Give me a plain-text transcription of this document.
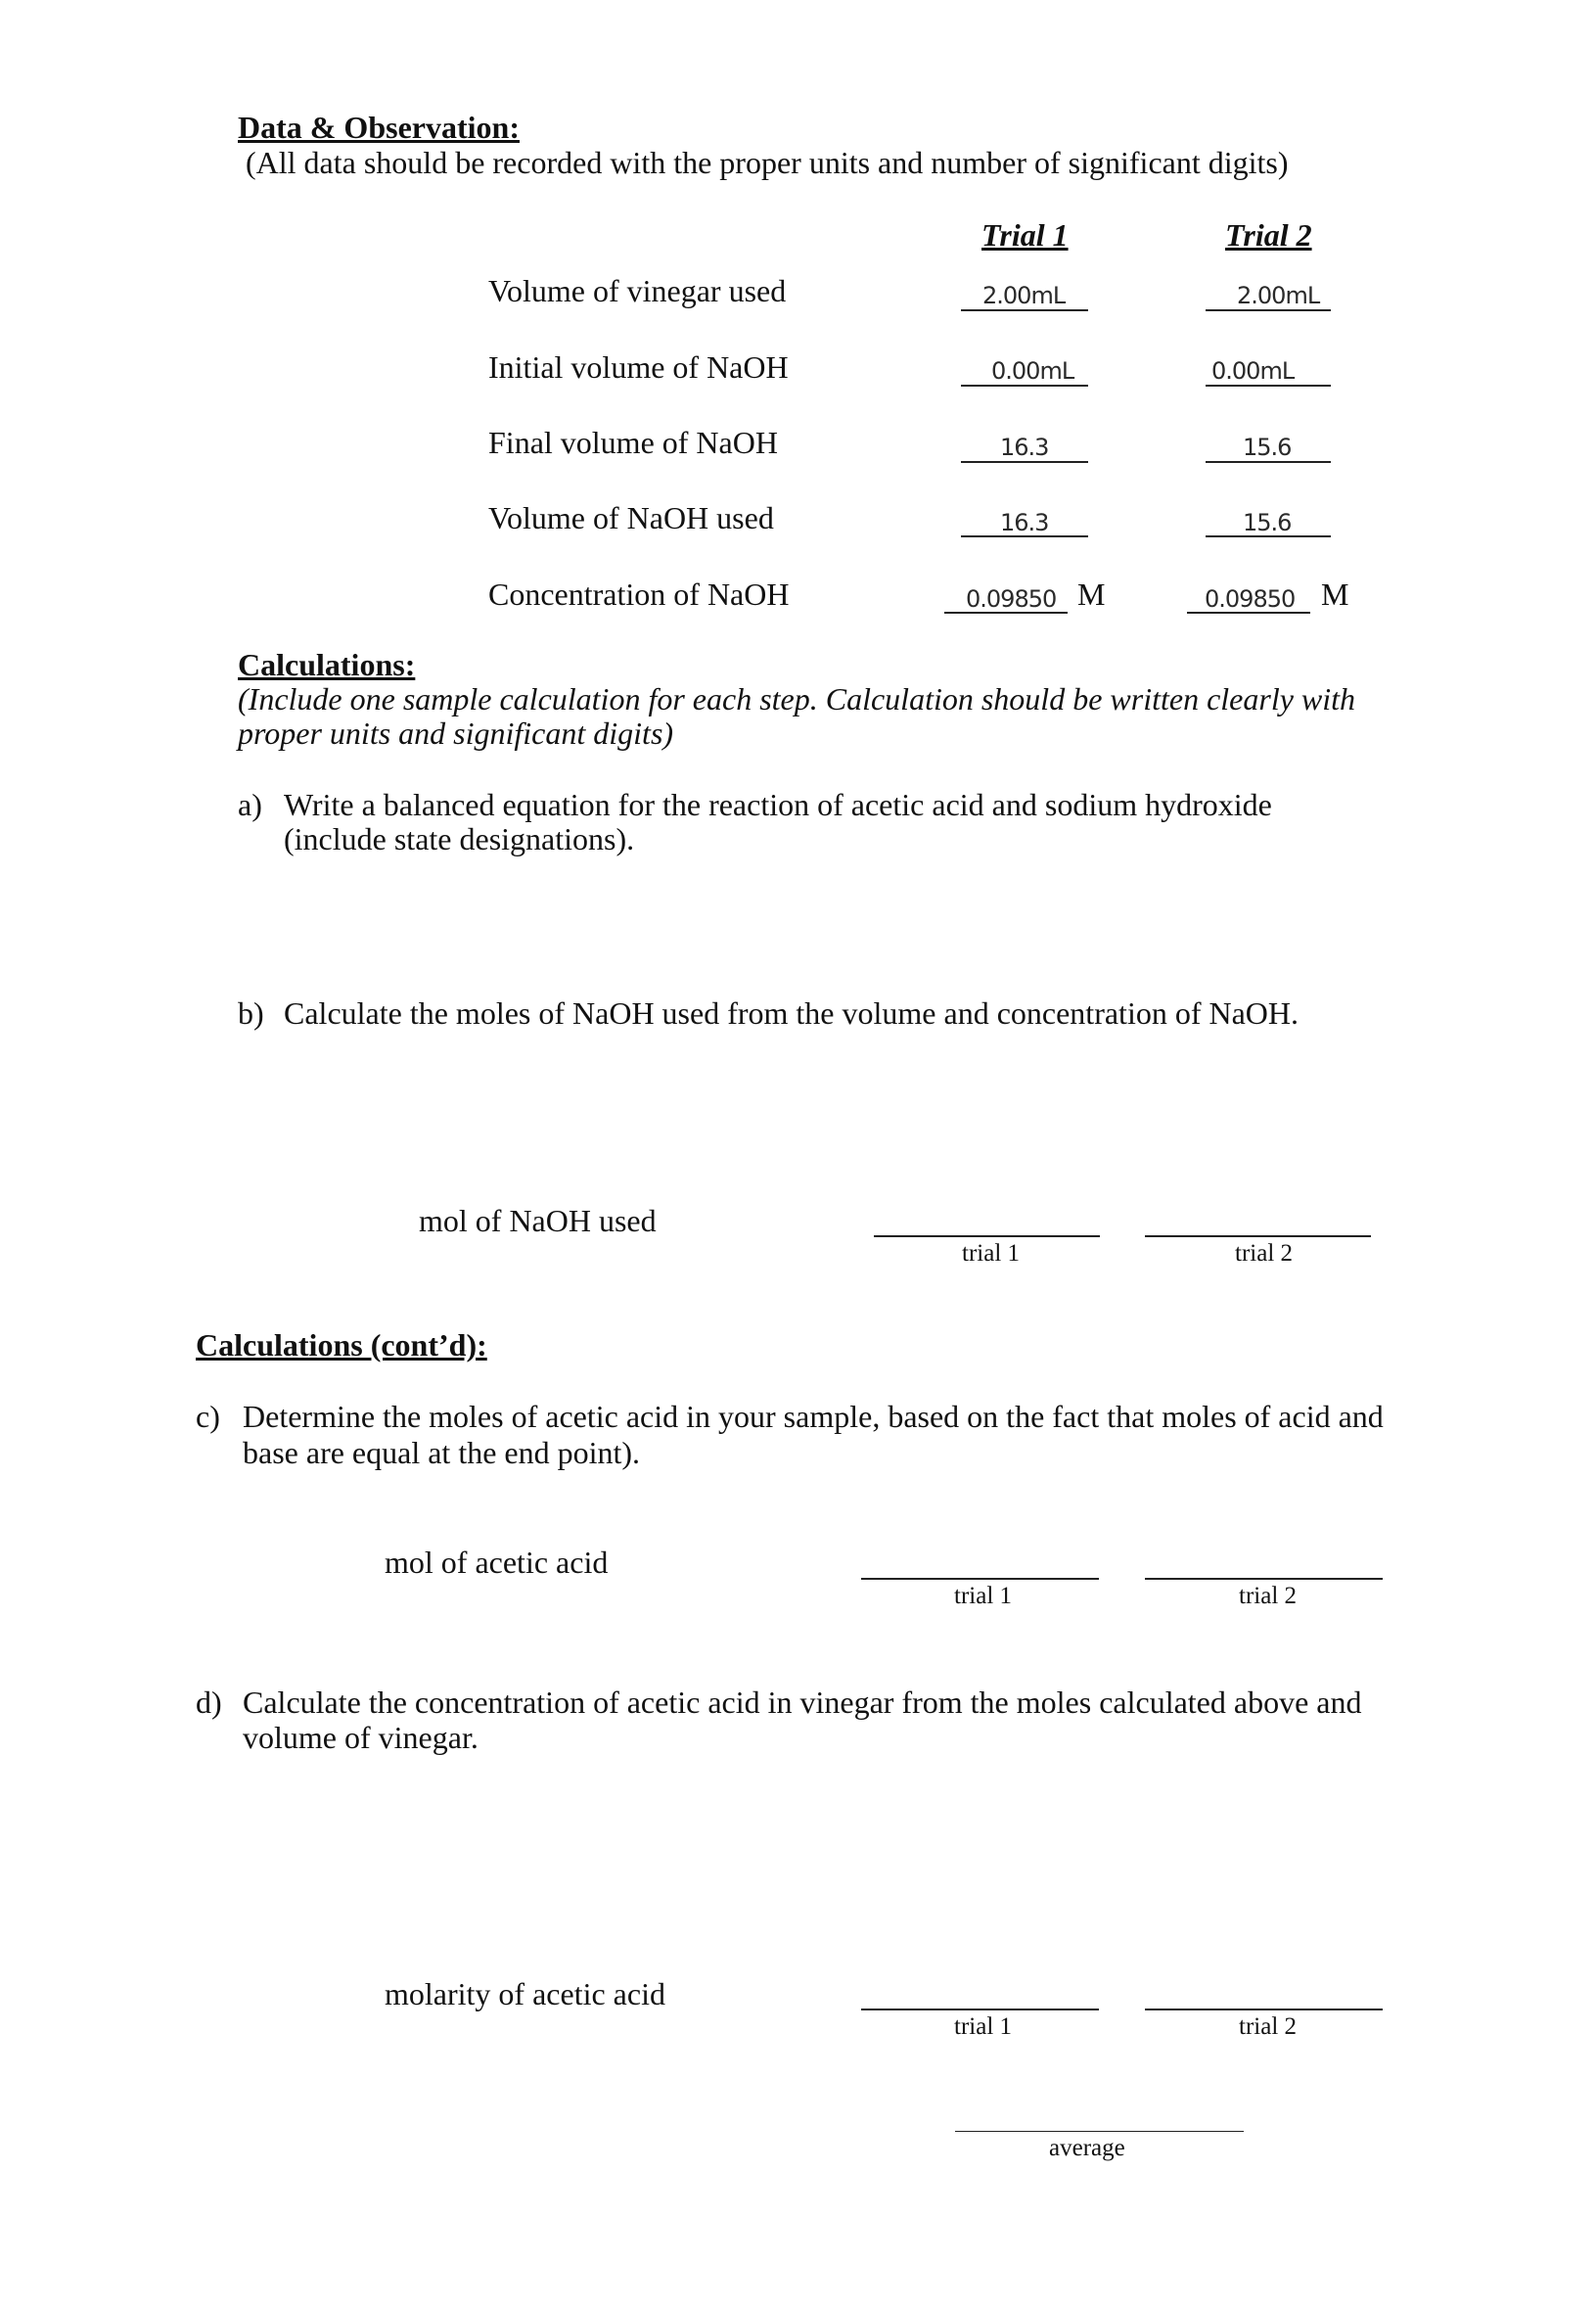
Data & Observation:
(All data should be recorded with the proper units and number of significant digits)
Trial 1	Trial 2
Volume of vinegar used	2.00mL	2.00mL
Initial volume of NaOH	0.00mL	0.00mL
Final volume of NaOH	16.3	15.6
Volume of NaOH used	16.3	15.6
Concentration of NaOH	0.09850 M	0.09850 M
Calculations:
(Include one sample calculation for each step. Calculation should be written clearly with
proper units and significant digits)
a) Write a balanced equation for the reaction of acetic acid and sodium hydroxide
(include state designations).
b) Calculate the moles of NaOH used from the volume and concentration of NaOH.
mol of NaOH used
trial 1	trial 2
Calculations (cont’d):
c) Determine the moles of acetic acid in your sample, based on the fact that moles of acid and
base are equal at the end point).
mol of acetic acid
trial 1	trial 2
d) Calculate the concentration of acetic acid in vinegar from the moles calculated above and
volume of vinegar.
molarity of acetic acid
trial 1	trial 2
average
